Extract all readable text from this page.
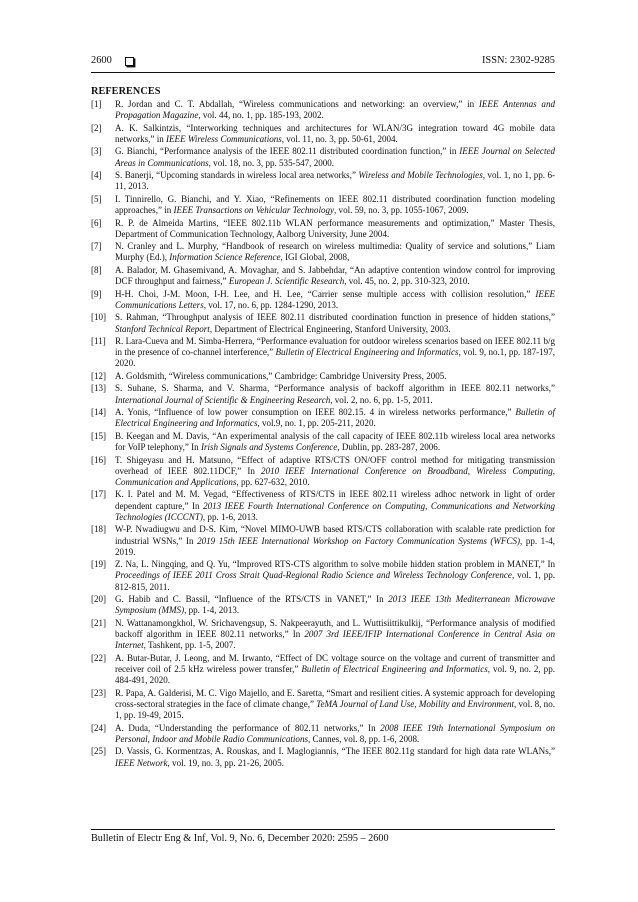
2600	ISSN: 2302-9285
REFERENCES
[1] R. Jordan and C. T. Abdallah, “Wireless communications and networking: an overview,” in IEEE Antennas and Propagation Magazine, vol. 44, no. 1, pp. 185-193, 2002.
[2] A. K. Salkintzis, “Interworking techniques and architectures for WLAN/3G integration toward 4G mobile data networks,” in IEEE Wireless Communications, vol. 11, no. 3, pp. 50-61, 2004.
[3] G. Bianchi, “Performance analysis of the IEEE 802.11 distributed coordination function,” in IEEE Journal on Selected Areas in Communications, vol. 18, no. 3, pp. 535-547, 2000.
[4] S. Banerji, “Upcoming standards in wireless local area networks,” Wireless and Mobile Technologies, vol. 1, no 1, pp. 6-11, 2013.
[5] I. Tinnirello, G. Bianchi, and Y. Xiao, “Refinements on IEEE 802.11 distributed coordination function modeling approaches,” in IEEE Transactions on Vehicular Technology, vol. 59, no. 3, pp. 1055-1067, 2009.
[6] R. P. de Almeida Martins, “IEEE 802.11b WLAN performance measurements and optimization,” Master Thesis, Department of Communication Technology, Aalborg University, June 2004.
[7] N. Cranley and L. Murphy, “Handbook of research on wireless multimedia: Quality of service and solutions,” Liam Murphy (Ed.), Information Science Reference, IGI Global, 2008,
[8] A. Balador, M. Ghasemivand, A. Movaghar, and S. Jabbehdar, “An adaptive contention window control for improving DCF throughput and fairness,” European J. Scientific Research, vol. 45, no. 2, pp. 310-323, 2010.
[9] H-H. Choi, J-M. Moon, I-H. Lee, and H. Lee, “Carrier sense multiple access with collision resolution,” IEEE Communications Letters, vol. 17, no. 6, pp. 1284-1290, 2013.
[10] S. Rahman, “Throughput analysis of IEEE 802.11 distributed coordination function in presence of hidden stations,” Stanford Technical Report, Department of Electrical Engineering, Stanford University, 2003.
[11] R. Lara-Cueva and M. Simba-Herrera, “Performance evaluation for outdoor wireless scenarios based on IEEE 802.11 b/g in the presence of co-channel interference,” Bulletin of Electrical Engineering and Informatics, vol. 9, no.1, pp. 187-197, 2020.
[12] A. Goldsmith, “Wireless communications,” Cambridge: Cambridge University Press, 2005.
[13] S. Suhane, S. Sharma, and V. Sharma, “Performance analysis of backoff algorithm in IEEE 802.11 networks,” International Journal of Scientific & Engineering Research, vol. 2, no. 6, pp. 1-5, 2011.
[14] A. Yonis, “Influence of low power consumption on IEEE 802.15. 4 in wireless networks performance,” Bulletin of Electrical Engineering and Informatics, vol.9, no. 1, pp. 205-211, 2020.
[15] B. Keegan and M. Davis, “An experimental analysis of the call capacity of IEEE 802.11b wireless local area networks for VoIP telephony,” In Irish Signals and Systems Conference, Dublin, pp. 283-287, 2006.
[16] T. Shigeyasu and H. Matsuno, “Effect of adaptive RTS/CTS ON/OFF control method for mitigating transmission overhead of IEEE 802.11DCF,” In 2010 IEEE International Conference on Broadband, Wireless Computing, Communication and Applications, pp. 627-632, 2010.
[17] K. I. Patel and M. M. Vegad, “Effectiveness of RTS/CTS in IEEE 802.11 wireless adhoc network in light of order dependent capture,” In 2013 IEEE Fourth International Conference on Computing, Communications and Networking Technologies (ICCCNT), pp. 1-6, 2013.
[18] W-P. Nwadiugwu and D-S. Kim, “Novel MIMO-UWB based RTS/CTS collaboration with scalable rate prediction for industrial WSNs,” In 2019 15th IEEE International Workshop on Factory Communication Systems (WFCS), pp. 1-4, 2019.
[19] Z. Na, L. Ningqing, and Q. Yu, “Improved RTS-CTS algorithm to solve mobile hidden station problem in MANET,” In Proceedings of IEEE 2011 Cross Strait Quad-Regional Radio Science and Wireless Technology Conference, vol. 1, pp. 812-815, 2011.
[20] G. Habib and C. Bassil, “Influence of the RTS/CTS in VANET,” In 2013 IEEE 13th Mediterranean Microwave Symposium (MMS), pp. 1-4, 2013.
[21] N. Wattanamongkhol, W. Srichavengsup, S. Nakpeerayuth, and L. Wuttisiittikulkij, “Performance analysis of modified backoff algorithm in IEEE 802.11 networks,” In 2007 3rd IEEE/IFIP International Conference in Central Asia on Internet, Tashkent, pp. 1-5, 2007.
[22] A. Butar-Butar, J. Leong, and M. Irwanto, “Effect of DC voltage source on the voltage and current of transmitter and receiver coil of 2.5 kHz wireless power transfer,” Bulletin of Electrical Engineering and Informatics, vol. 9, no. 2, pp. 484-491, 2020.
[23] R. Papa, A. Galderisi, M. C. Vigo Majello, and E. Saretta, “Smart and resilient cities. A systemic approach for developing cross-sectoral strategies in the face of climate change,” TeMA Journal of Land Use, Mobility and Environment, vol. 8, no. 1, pp. 19-49, 2015.
[24] A. Duda, “Understanding the performance of 802.11 networks,” In 2008 IEEE 19th International Symposium on Personal, Indoor and Mobile Radio Communications, Cannes, vol. 8, pp. 1-6, 2008.
[25] D. Vassis, G. Kormentzas, A. Rouskas, and I. Maglogiannis, “The IEEE 802.11g standard for high data rate WLANs,” IEEE Network, vol. 19, no. 3, pp. 21-26, 2005.
Bulletin of Electr Eng & Inf, Vol. 9, No. 6, December 2020: 2595 – 2600
